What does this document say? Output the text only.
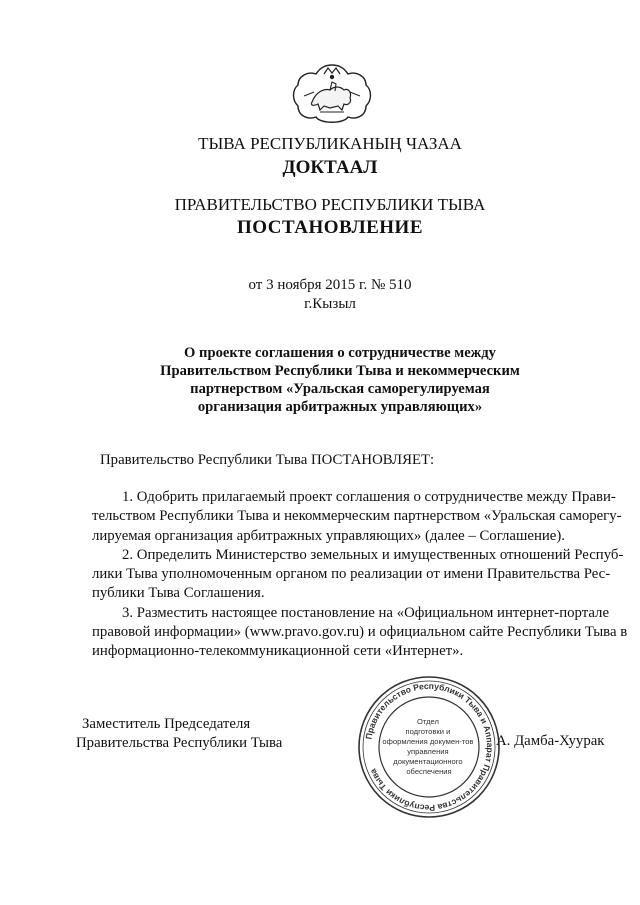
ТЫВА РЕСПУБЛИКАНЫҢ ЧАЗАА
ДОКТААЛ
ПРАВИТЕЛЬСТВО РЕСПУБЛИКИ ТЫВА
ПОСТАНОВЛЕНИЕ
от 3 ноября 2015 г. № 510
г.Кызыл
О проекте соглашения о сотрудничестве между
Правительством Республики Тыва и некоммерческим
партнерством «Уральская саморегулируемая
организация арбитражных управляющих»
Правительство Республики Тыва ПОСТАНОВЛЯЕТ:
1. Одобрить прилагаемый проект соглашения о сотрудничестве между Прави-
тельством Республики Тыва и некоммерческим партнерством «Уральская саморегу-
лируемая организация арбитражных управляющих» (далее – Соглашение).
2. Определить Министерство земельных и имущественных отношений Респуб-
лики Тыва уполномоченным органом по реализации от имени Правительства Рес-
публики Тыва Соглашения.
3. Разместить настоящее постановление на «Официальном интернет-портале
правовой информации» (www.pravo.gov.ru) и официальном сайте Республики Тыва в
информационно-телекоммуникационной сети «Интернет».
Заместитель Председателя
Правительства Республики Тыва	Правительство Республики Тыва и Аппарат Правительства Республики Тыва
Отдел подготовки и оформления докумен-тов управления документационного обеспечения
А. Дамба-Хуурак
